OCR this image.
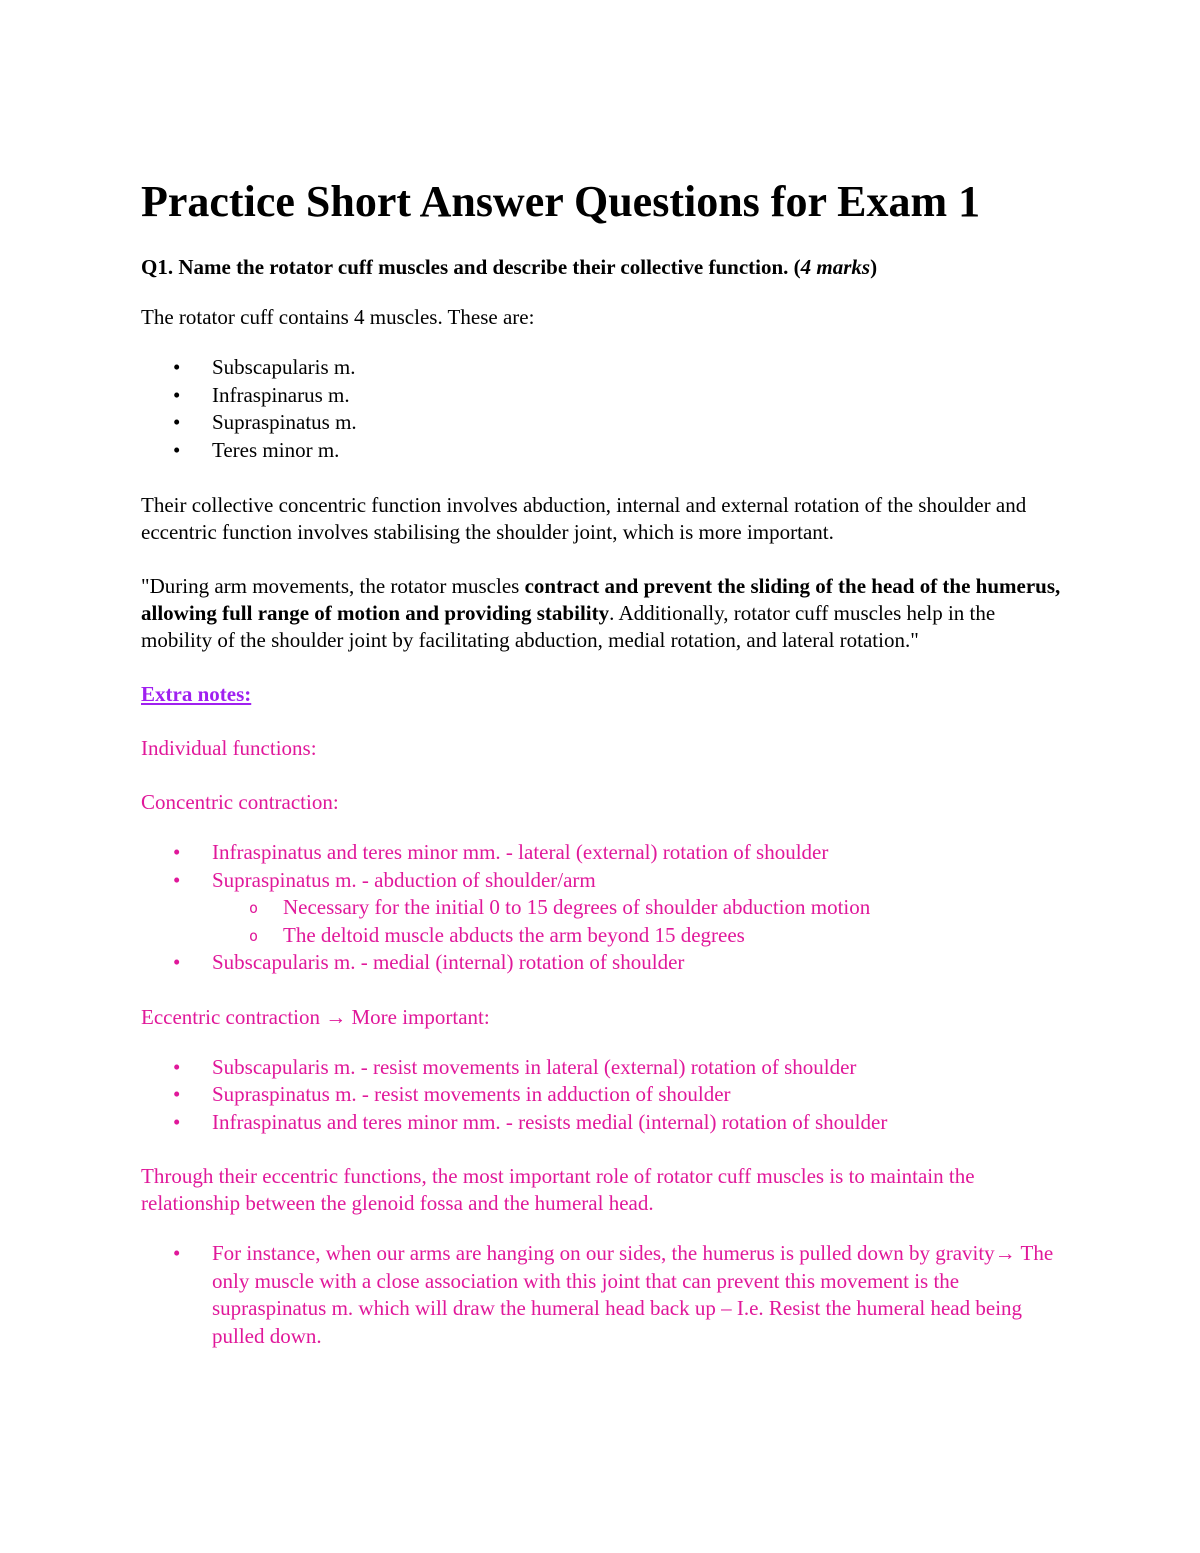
Practice Short Answer Questions for Exam 1

Q1. Name the rotator cuff muscles and describe their collective function. (4 marks)

The rotator cuff contains 4 muscles. These are:

• Subscapularis m.
• Infraspinarus m.
• Supraspinatus m.
• Teres minor m.

Their collective concentric function involves abduction, internal and external rotation of the shoulder and eccentric function involves stabilising the shoulder joint, which is more important.

"During arm movements, the rotator muscles contract and prevent the sliding of the head of the humerus, allowing full range of motion and providing stability. Additionally, rotator cuff muscles help in the mobility of the shoulder joint by facilitating abduction, medial rotation, and lateral rotation."

Extra notes:

Individual functions:

Concentric contraction:

• Infraspinatus and teres minor mm. - lateral (external) rotation of shoulder
• Supraspinatus m. - abduction of shoulder/arm
o Necessary for the initial 0 to 15 degrees of shoulder abduction motion
o The deltoid muscle abducts the arm beyond 15 degrees
• Subscapularis m. - medial (internal) rotation of shoulder

Eccentric contraction → More important:

• Subscapularis m. - resist movements in lateral (external) rotation of shoulder
• Supraspinatus m. - resist movements in adduction of shoulder
• Infraspinatus and teres minor mm. - resists medial (internal) rotation of shoulder

Through their eccentric functions, the most important role of rotator cuff muscles is to maintain the relationship between the glenoid fossa and the humeral head.

• For instance, when our arms are hanging on our sides, the humerus is pulled down by gravity→ The only muscle with a close association with this joint that can prevent this movement is the supraspinatus m. which will draw the humeral head back up – I.e. Resist the humeral head being pulled down.
